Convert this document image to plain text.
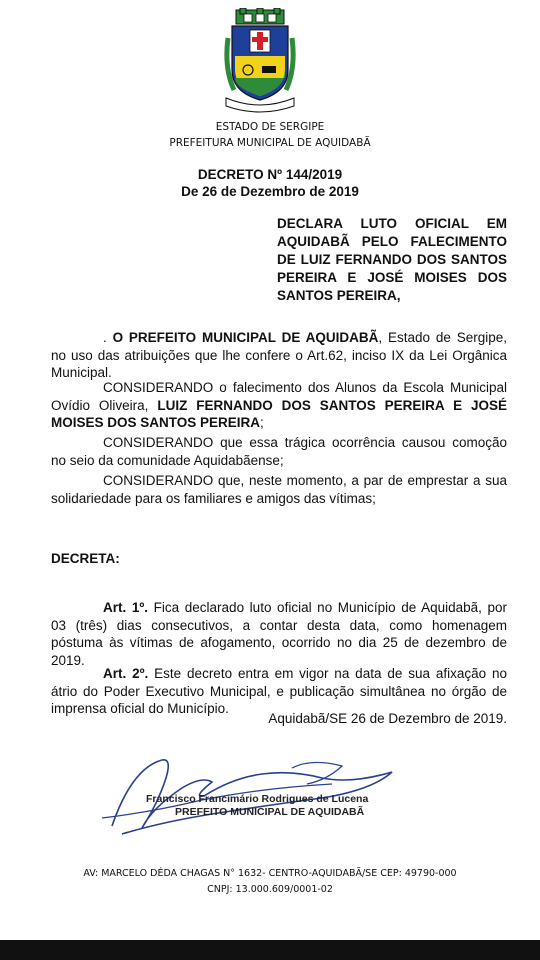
ESTADO DE SERGIPE
PREFEITURA MUNICIPAL DE AQUIDABÃ
DECRETO Nº 144/2019
De 26 de Dezembro de 2019
DECLARA LUTO OFICIAL EM AQUIDABÃ PELO FALECIMENTO DE LUIZ FERNANDO DOS SANTOS PEREIRA E JOSÉ MOISES DOS SANTOS PEREIRA,

. O PREFEITO MUNICIPAL DE AQUIDABÃ, Estado de Sergipe, no uso das atribuições que lhe confere o Art.62, inciso IX da Lei Orgânica Municipal.

CONSIDERANDO o falecimento dos Alunos da Escola Municipal Ovídio Oliveira, LUIZ FERNANDO DOS SANTOS PEREIRA E JOSÉ MOISES DOS SANTOS PEREIRA;

CONSIDERANDO que essa trágica ocorrência causou comoção no seio da comunidade Aquidabãense;

CONSIDERANDO que, neste momento, a par de emprestar a sua solidariedade para os familiares e amigos das vítimas;

DECRETA:

Art. 1º. Fica declarado luto oficial no Município de Aquidabã, por 03 (três) dias consecutivos, a contar desta data, como homenagem póstuma às vítimas de afogamento, ocorrido no dia 25 de dezembro de 2019.

Art. 2º. Este decreto entra em vigor na data de sua afixação no átrio do Poder Executivo Municipal, e publicação simultânea no órgão de imprensa oficial do Município.

Aquidabã/SE 26 de Dezembro de 2019.
Francisco Francimário Rodrigues de Lucena
PREFEITO MUNICIPAL DE AQUIDABÃ
AV: MARCELO DÉDA CHAGAS N° 1632- CENTRO-AQUIDABÃ/SE CEP: 49790-000
CNPJ: 13.000.609/0001-02
